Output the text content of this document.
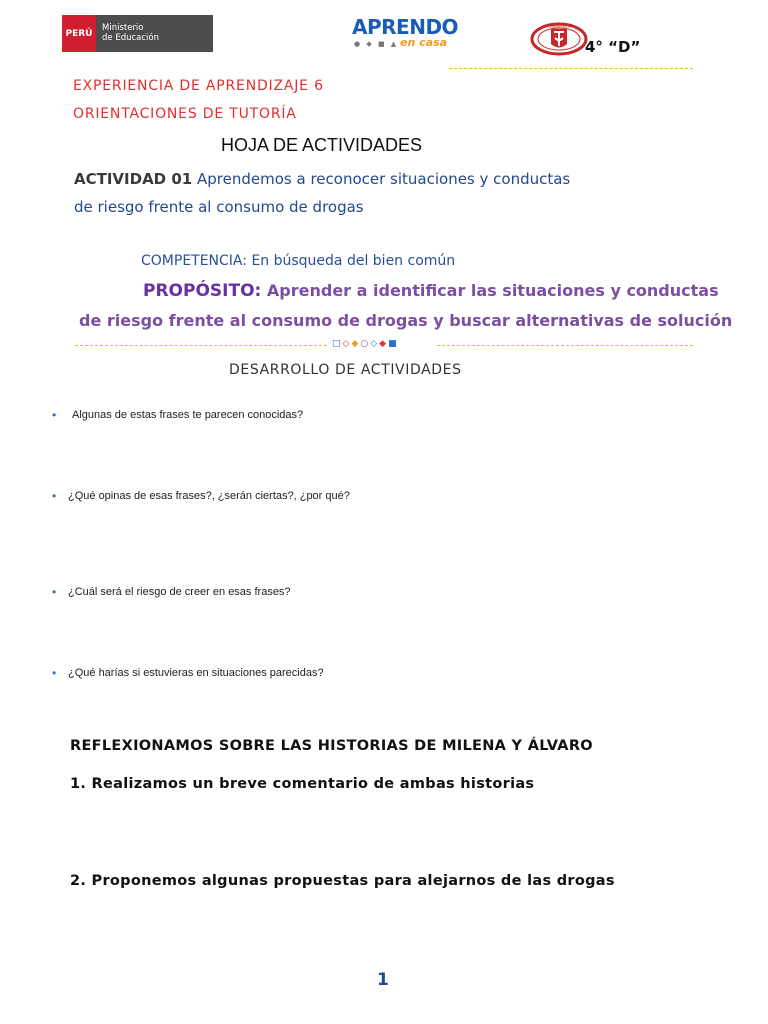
PERÚ
Ministerio
de Educación	APRENDO
● ◆ ■ ▲ en casa
CAJAMARCA
4° “D”
EXPERIENCIA DE APRENDIZAJE 6
ORIENTACIONES DE TUTORÍA
HOJA DE ACTIVIDADES
ACTIVIDAD 01 Aprendemos a reconocer situaciones y conductas
de riesgo frente al consumo de drogas
COMPETENCIA: En búsqueda del bien común
PROPÓSITO: Aprender a identificar las situaciones y conductas
de riesgo frente al consumo de drogas y buscar alternativas de solución
□◇◆○◇◆■
DESARROLLO DE ACTIVIDADES
•	Algunas de estas frases te parecen conocidas?
•	¿Qué opinas de esas frases?, ¿serán ciertas?, ¿por qué?
•	¿Cuál será el riesgo de creer en esas frases?
•	¿Qué harías si estuvieras en situaciones parecidas?
REFLEXIONAMOS SOBRE LAS HISTORIAS DE MILENA Y ÁLVARO
1. Realizamos un breve comentario de ambas historias
2. Proponemos algunas propuestas para alejarnos de las drogas
1
